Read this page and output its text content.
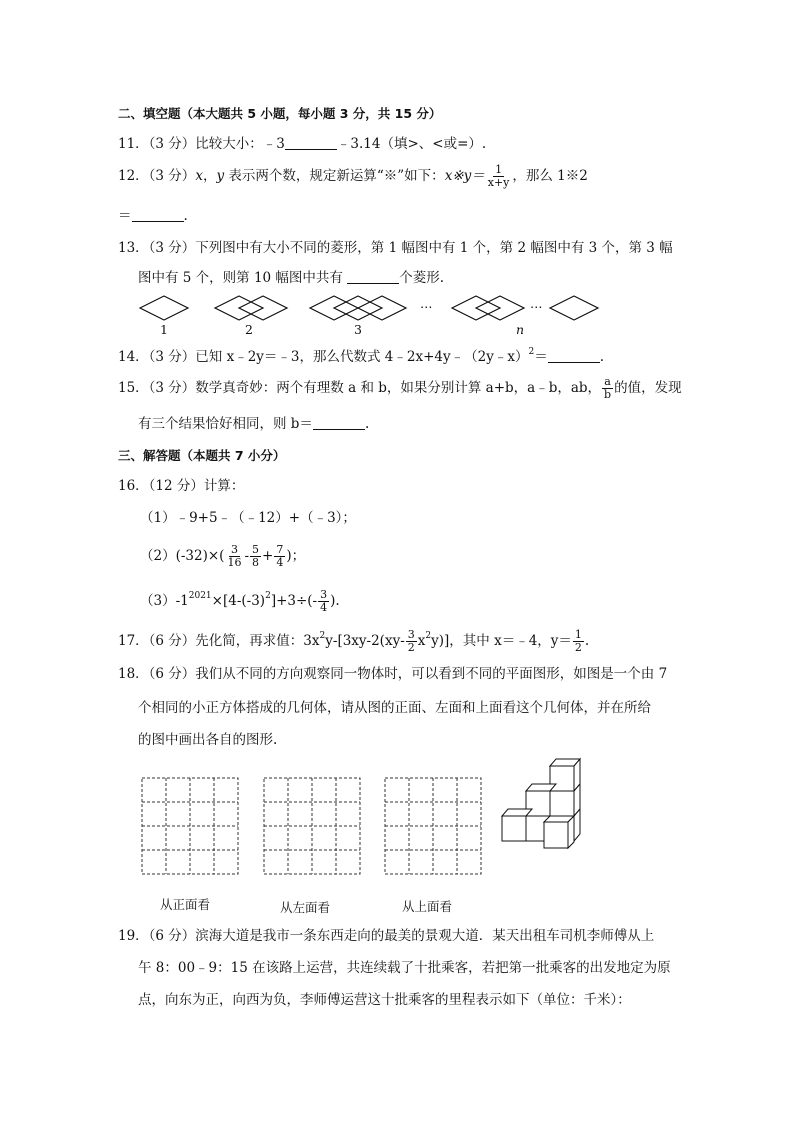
二、填空题（本大题共 5 小题，每小题 3 分，共 15 分）
11．（3 分）比较大小：﹣3	﹣3.14（填>、<或=）.
12．（3 分）x，y 表示两个数，规定新运算“※”如下：x※y＝ $\frac{1}{x+y}$ ，那么 1※2
＝	.
13．（3 分）下列图中有大小不同的菱形，第 1 幅图中有 1 个，第 2 幅图中有 3 个，第 3 幅
图中有 5 个，则第 10 幅图中共有	个菱形.
1	2	3	n
…	…
14．（3 分）已知 x﹣2y＝﹣3，那么代数式 4﹣2x+4y﹣（2y﹣x）$^2$＝	.
15．（3 分）数学真奇妙：两个有理数 a 和 b，如果分别计算 a+b，a﹣b，ab， $\frac{a}{b}$ 的值，发现
有三个结果恰好相同，则 b＝	.
三、解答题（本题共 7 小分）
16．（12 分）计算：
（1）﹣9+5﹣（﹣12）+（﹣3）；
$(2)(-32)\times( \frac{3}{16} - \frac{5}{8} + \frac{7}{4}$ )；
$(3)-1^{2021}\times[4-(-3)^2]+3\div(- \frac{3}{4}$ ).
17．（6 分）先化简，再求值：$3x^2y-[3xy-2(xy- \frac{3}{2} x^2y)]$，其中 x＝﹣4，$y= \frac{1}{2}$ .
18．（6 分）我们从不同的方向观察同一物体时，可以看到不同的平面图形，如图是一个由 7
个相同的小正方体搭成的几何体，请从图的正面、左面和上面看这个几何体，并在所给
的图中画出各自的图形.
从正面看	从左面看	从上面看
19．（6 分）滨海大道是我市一条东西走向的最美的景观大道．某天出租车司机李师傅从上
午 8：00﹣9：15 在该路上运营，共连续载了十批乘客，若把第一批乘客的出发地定为原
点，向东为正，向西为负，李师傅运营这十批乘客的里程表示如下（单位：千米）：
